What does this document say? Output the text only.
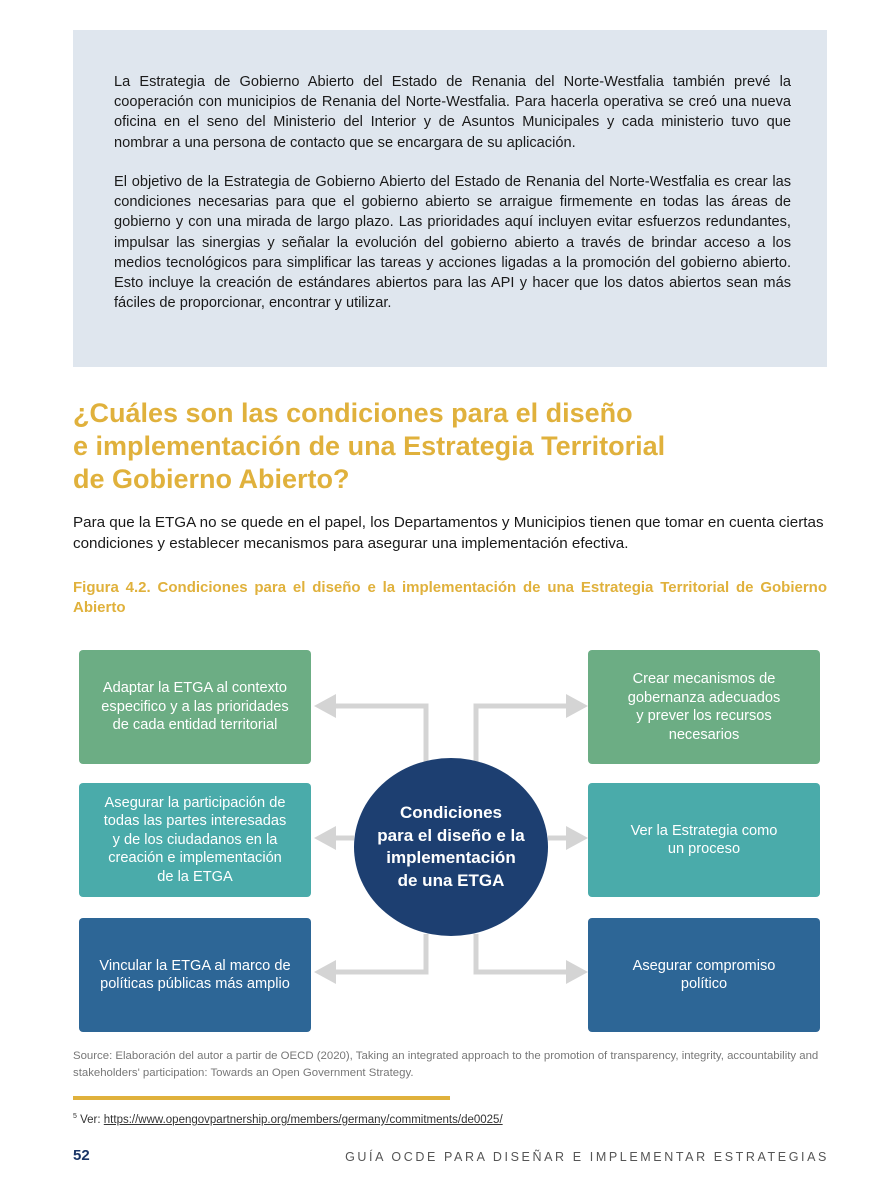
La Estrategia de Gobierno Abierto del Estado de Renania del Norte-Westfalia también prevé la cooperación con municipios de Renania del Norte-Westfalia. Para hacerla operativa se creó una nueva oficina en el seno del Ministerio del Interior y de Asuntos Municipales y cada ministerio tuvo que nombrar a una persona de contacto que se encargara de su aplicación.

El objetivo de la Estrategia de Gobierno Abierto del Estado de Renania del Norte-Westfalia es crear las condiciones necesarias para que el gobierno abierto se arraigue firmemente en todas las áreas de gobierno y con una mirada de largo plazo. Las prioridades aquí incluyen evitar esfuerzos redundantes, impulsar las sinergias y señalar la evolución del gobierno abierto a través de brindar acceso a los medios tecnológicos para simplificar las tareas y acciones ligadas a la promoción del gobierno abierto. Esto incluye la creación de estándares abiertos para las API y hacer que los datos abiertos sean más fáciles de proporcionar, encontrar y utilizar.

¿Cuáles son las condiciones para el diseño
e implementación de una Estrategia Territorial
de Gobierno Abierto?

Para que la ETGA no se quede en el papel, los Departamentos y Municipios tienen que tomar en cuenta ciertas condiciones y establecer mecanismos para asegurar una implementación efectiva.

Figura 4.2. Condiciones para el diseño e la implementación de una Estrategia Territorial de Gobierno Abierto

Adaptar la ETGA al contexto
especifico y a las prioridades
de cada entidad territorial
Asegurar la participación de
todas las partes interesadas
y de los ciudadanos en la
creación e implementación
de la ETGA
Vincular la ETGA al marco de
políticas públicas más amplio
Crear mecanismos de
gobernanza adecuados
y prever los recursos
necesarios
Ver la Estrategia como
un proceso
Asegurar compromiso
político
Condiciones
para el diseño e la
implementación
de una ETGA

Source: Elaboración del autor a partir de OECD (2020), Taking an integrated approach to the promotion of transparency, integrity, accountability and stakeholders' participation: Towards an Open Government Strategy.

$^5$ Ver: https://www.opengovpartnership.org/members/germany/commitments/de0025/

52	GUÍA OCDE PARA DISEÑAR E IMPLEMENTAR ESTRATEGIAS
